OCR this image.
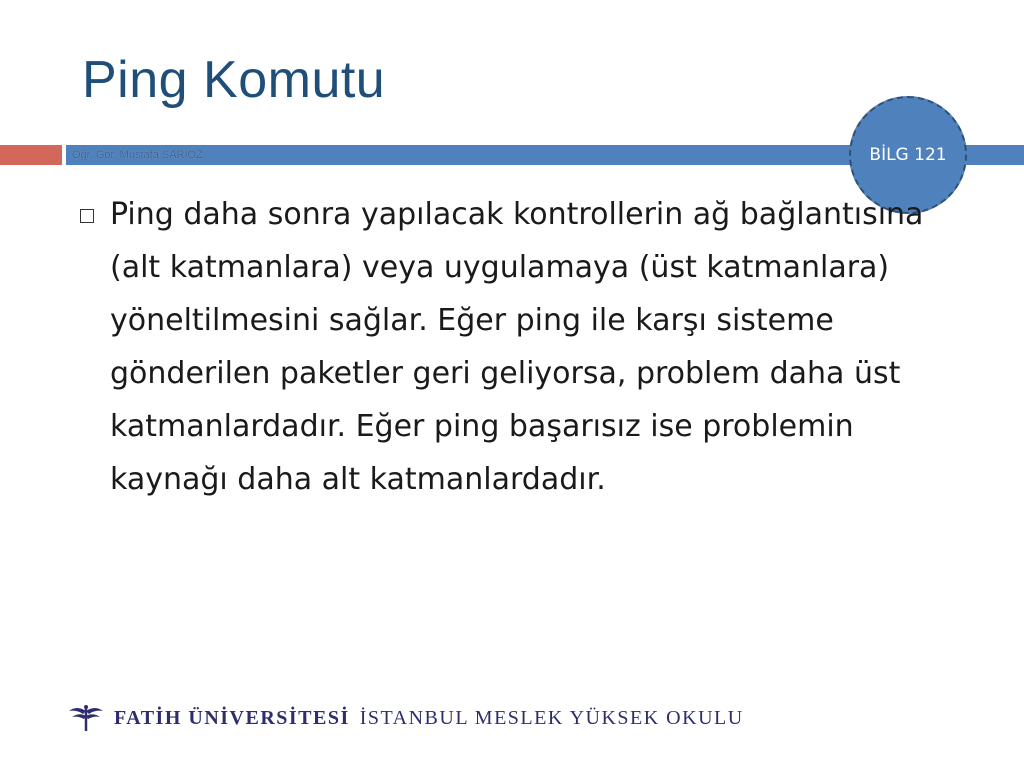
Ping Komutu
Öğr. Gör. Mustafa SARIÖZ	BİLG 121

Ping daha sonra yapılacak kontrollerin ağ bağlantısına (alt katmanlara) veya uygulamaya (üst katmanlara) yöneltilmesini sağlar. Eğer ping ile karşı sisteme gönderilen paketler geri geliyorsa, problem daha üst katmanlardadır. Eğer ping başarısız ise problemin kaynağı daha alt katmanlardadır.

FATİH ÜNİVERSİTESİ İSTANBUL MESLEK YÜKSEK OKULU
